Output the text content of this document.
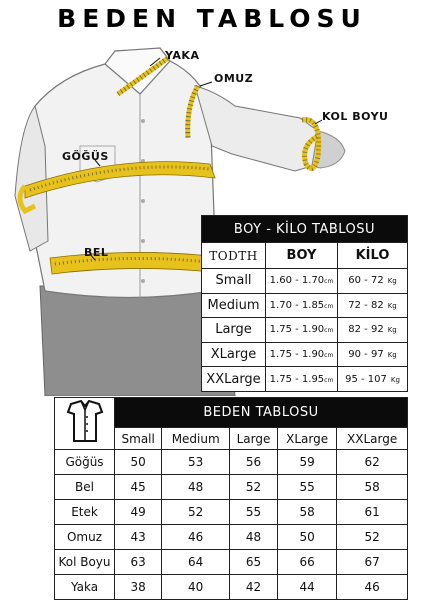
BEDEN TABLOSU
YAKA
OMUZ
KOL BOYU
GÖĞÜS
BEL
BOY - KİLO TABLOSU		
TODTH	BOY	KİLO
Small	1.60 - 1.70cm	60 - 72 Kg
Medium	1.70 - 1.85cm	72 - 82 Kg
Large	1.75 - 1.90cm	82 - 92 Kg
XLarge	1.75 - 1.90cm	90 - 97 Kg
XXLarge	1.75 - 1.95cm	95 - 107 Kg
	BEDEN TABLOSU				
	Small	Medium	Large	XLarge	XXLarge
Göğüs	50	53	56	59	62
Bel	45	48	52	55	58
Etek	49	52	55	58	61
Omuz	43	46	48	50	52
Kol Boyu	63	64	65	66	67
Yaka	38	40	42	44	46
